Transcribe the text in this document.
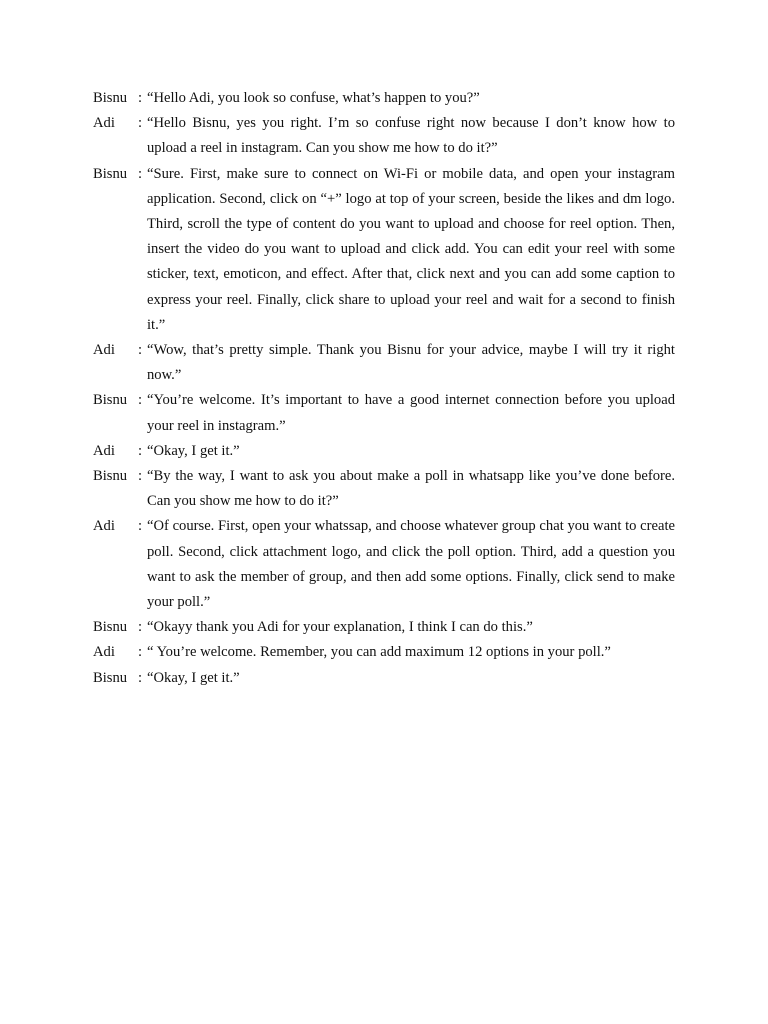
Bisnu : “Hello Adi, you look so confuse, what’s happen to you?”
Adi	: “Hello Bisnu, yes you right. I’m so confuse right now because I don’t know how to upload a reel in instagram. Can you show me how to do it?”
Bisnu : “Sure. First, make sure to connect on Wi-Fi or mobile data, and open your instagram application. Second, click on “+” logo at top of your screen, beside the likes and dm logo. Third, scroll the type of content do you want to upload and choose for reel option. Then, insert the video do you want to upload and click add. You can edit your reel with some sticker, text, emoticon, and effect. After that, click next and you can add some caption to express your reel. Finally, click share to upload your reel and wait for a second to finish it.”
Adi	: “Wow, that’s pretty simple. Thank you Bisnu for your advice, maybe I will try it right now.”
Bisnu : “You’re welcome. It’s important to have a good internet connection before you upload your reel in instagram.”
Adi	: “Okay, I get it.”
Bisnu : “By the way, I want to ask you about make a poll in whatsapp like you’ve done before. Can you show me how to do it?”
Adi	: “Of course. First, open your whatssap, and choose whatever group chat you want to create poll. Second, click attachment logo, and click the poll option. Third, add a question you want to ask the member of group, and then add some options. Finally, click send to make your poll.”
Bisnu : “Okayy thank you Adi for your explanation, I think I can do this.”
Adi	: “ You’re welcome. Remember, you can add maximum 12 options in your poll.”
Bisnu : “Okay, I get it.”
